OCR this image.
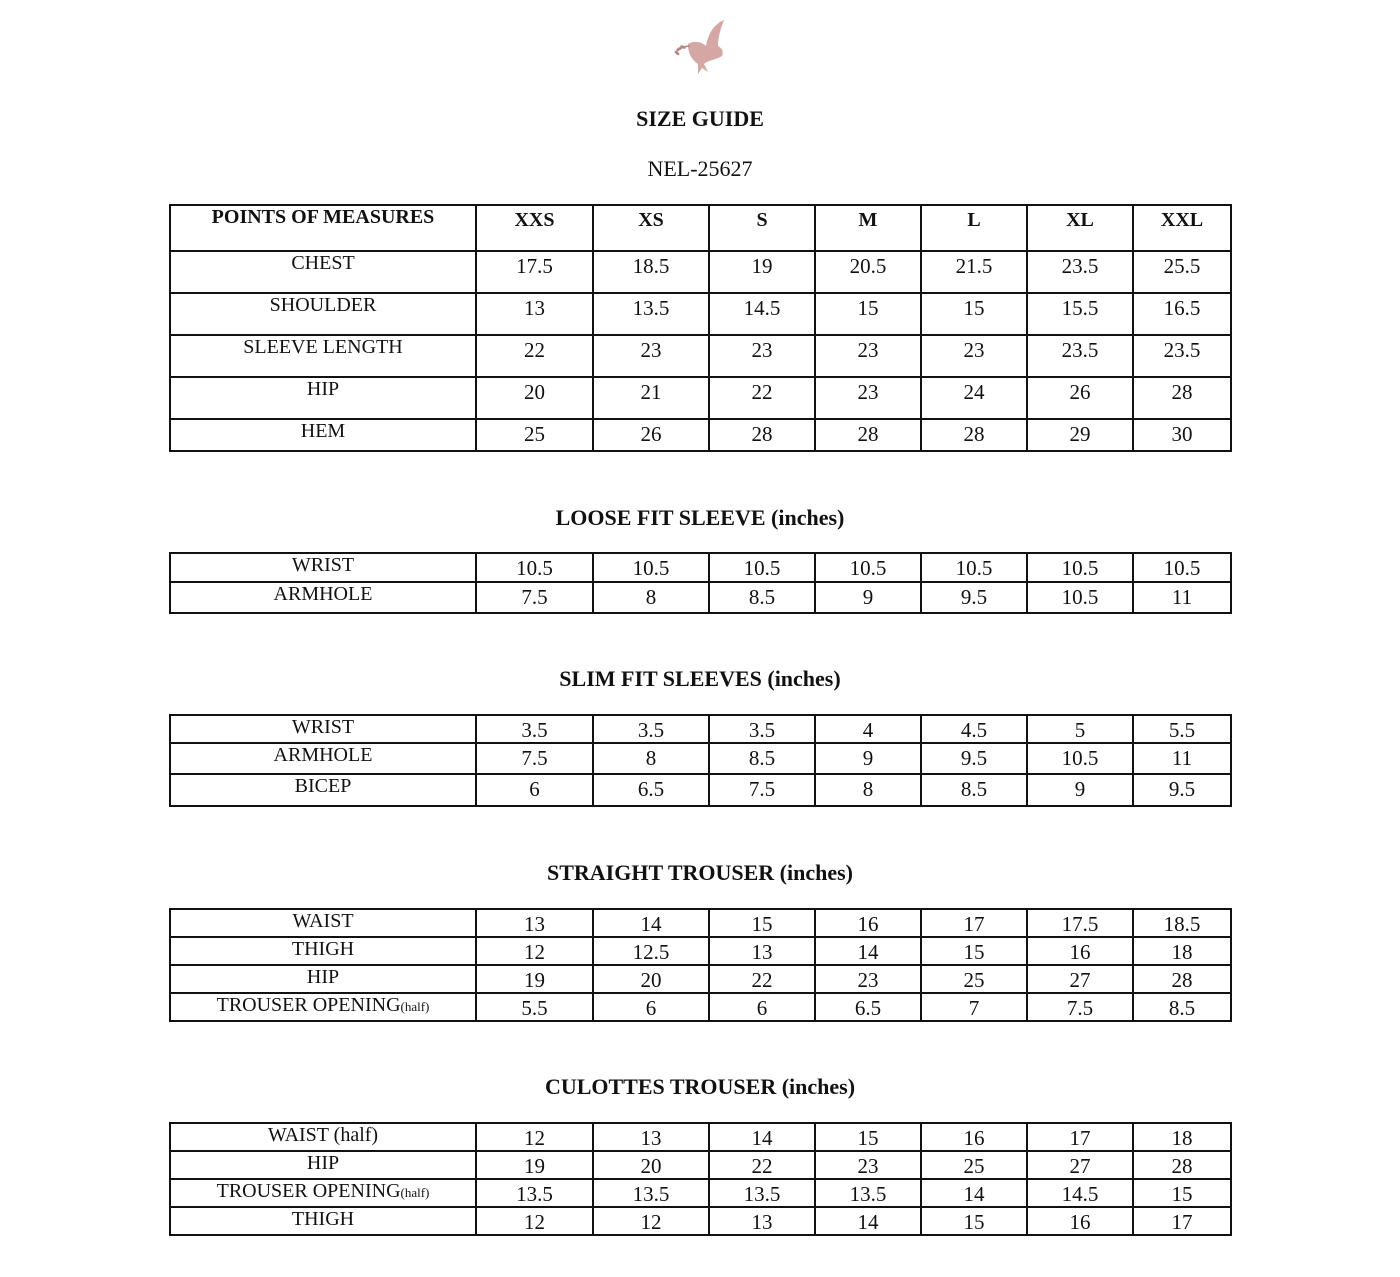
SIZE GUIDE
NEL-25627
POINTS OF MEASURES	XXS	XS	S	M	L	XL	XXL
CHEST	17.5	18.5	19	20.5	21.5	23.5	25.5
SHOULDER	13	13.5	14.5	15	15	15.5	16.5
SLEEVE LENGTH	22	23	23	23	23	23.5	23.5
HIP	20	21	22	23	24	26	28
HEM	25	26	28	28	28	29	30
LOOSE FIT SLEEVE (inches)
WRIST	10.5	10.5	10.5	10.5	10.5	10.5	10.5
ARMHOLE	7.5	8	8.5	9	9.5	10.5	11
SLIM FIT SLEEVES (inches)
WRIST	3.5	3.5	3.5	4	4.5	5	5.5
ARMHOLE	7.5	8	8.5	9	9.5	10.5	11
BICEP	6	6.5	7.5	8	8.5	9	9.5
STRAIGHT TROUSER (inches)
WAIST	13	14	15	16	17	17.5	18.5
THIGH	12	12.5	13	14	15	16	18
HIP	19	20	22	23	25	27	28
TROUSER OPENING(half)	5.5	6	6	6.5	7	7.5	8.5
CULOTTES TROUSER (inches)
WAIST (half)	12	13	14	15	16	17	18
HIP	19	20	22	23	25	27	28
TROUSER OPENING(half)	13.5	13.5	13.5	13.5	14	14.5	15
THIGH	12	12	13	14	15	16	17
